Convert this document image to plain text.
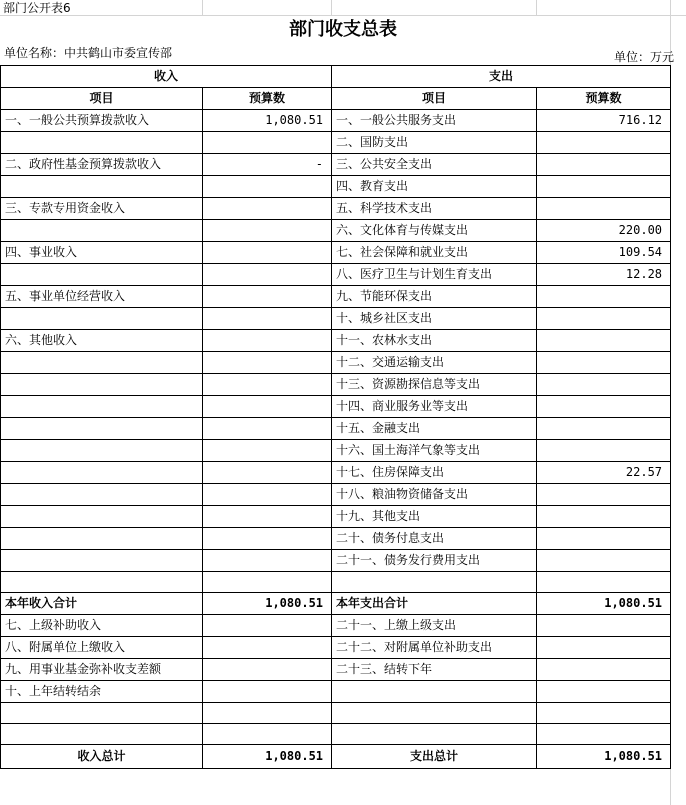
部门公开表6
部门收支总表
单位名称：中共鹤山市委宣传部	单位：万元
收入		支出	
项目	预算数	项目	预算数
一、一般公共预算拨款收入	1,080.51	一、一般公共服务支出	716.12
		二、国防支出	
二、政府性基金预算拨款收入	-	三、公共安全支出	
		四、教育支出	
三、专款专用资金收入		五、科学技术支出	
		六、文化体育与传媒支出	220.00
四、事业收入		七、社会保障和就业支出	109.54
		八、医疗卫生与计划生育支出	12.28
五、事业单位经营收入		九、节能环保支出	
		十、城乡社区支出	
六、其他收入		十一、农林水支出	
		十二、交通运输支出	
		十三、资源勘探信息等支出	
		十四、商业服务业等支出	
		十五、金融支出	
		十六、国土海洋气象等支出	
		十七、住房保障支出	22.57
		十八、粮油物资储备支出	
		十九、其他支出	
		二十、债务付息支出	
		二十一、债务发行费用支出	

本年收入合计	1,080.51	本年支出合计	1,080.51
七、上级补助收入		二十一、上缴上级支出	
八、附属单位上缴收入		二十二、对附属单位补助支出	
九、用事业基金弥补收支差额		二十三、结转下年	
十、上年结转结余			

收入总计	1,080.51	支出总计	1,080.51
